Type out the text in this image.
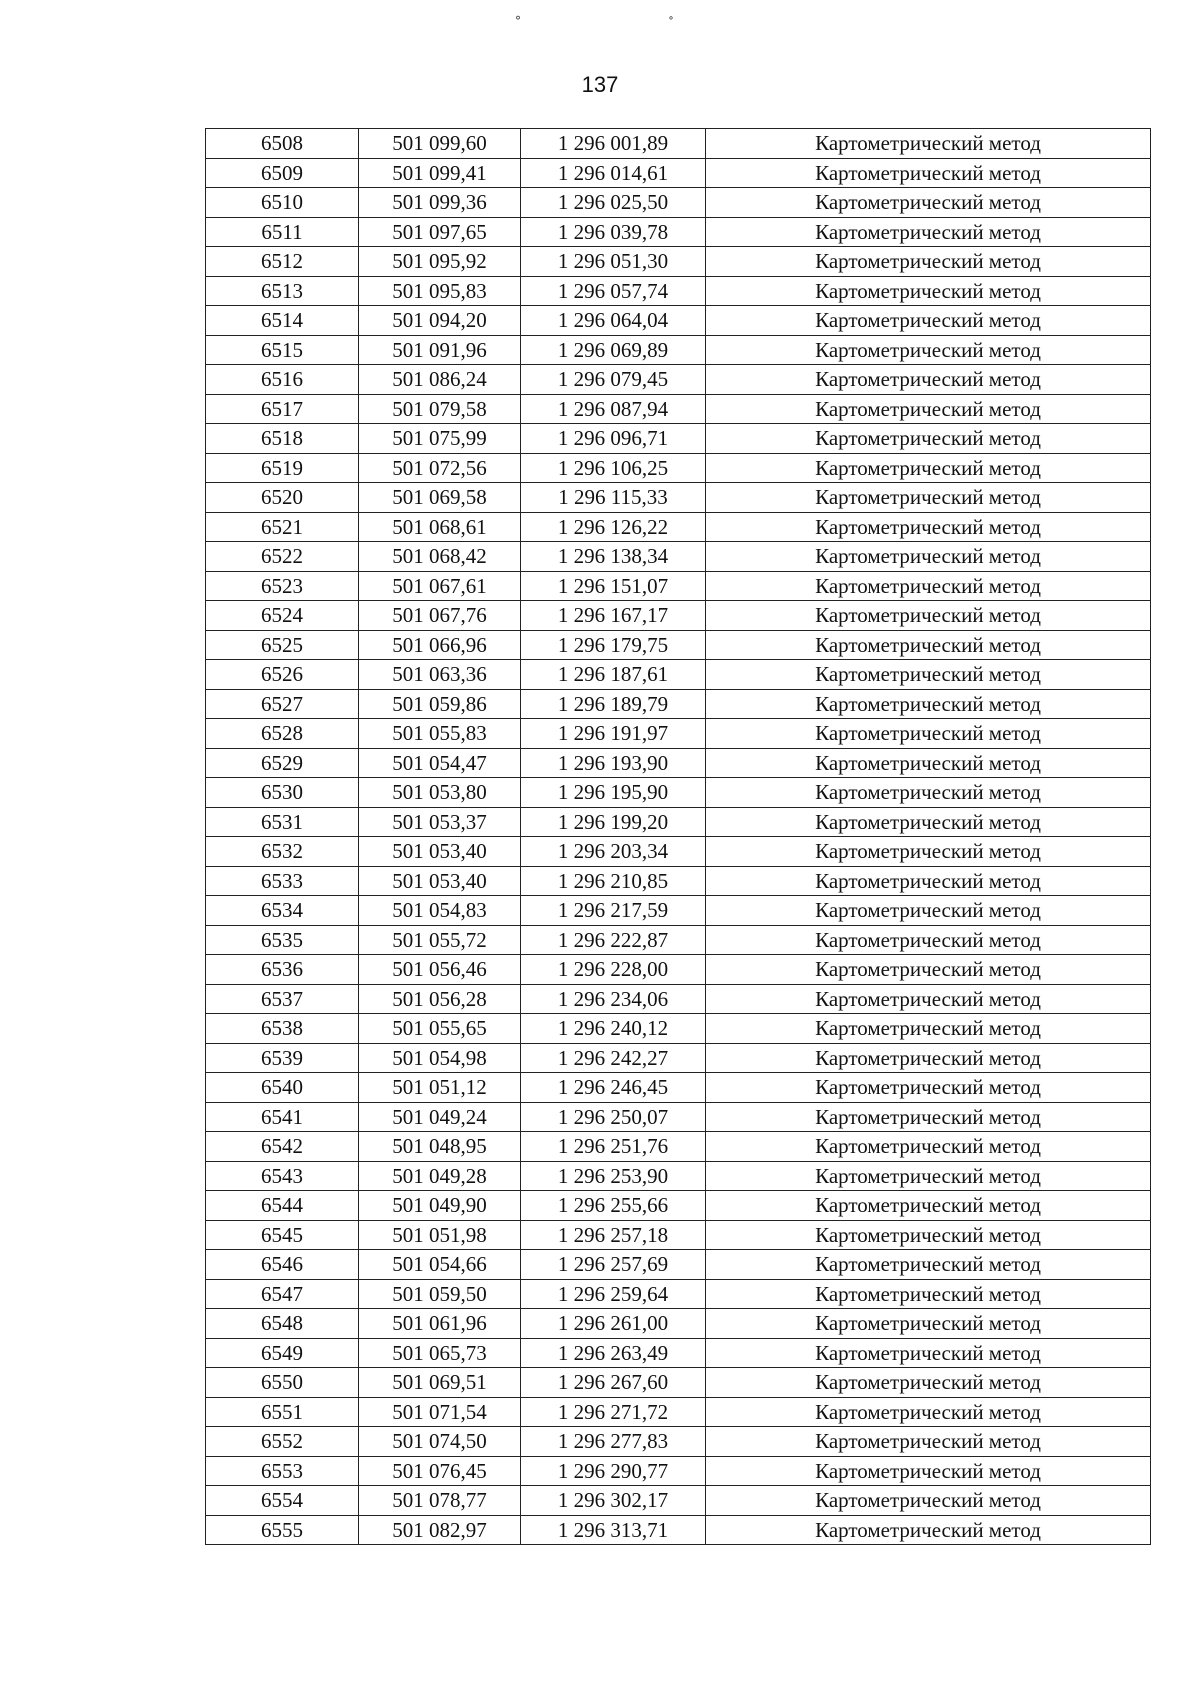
°	˚
137
6508	501 099,60	1 296 001,89	Картометрический метод
6509	501 099,41	1 296 014,61	Картометрический метод
6510	501 099,36	1 296 025,50	Картометрический метод
6511	501 097,65	1 296 039,78	Картометрический метод
6512	501 095,92	1 296 051,30	Картометрический метод
6513	501 095,83	1 296 057,74	Картометрический метод
6514	501 094,20	1 296 064,04	Картометрический метод
6515	501 091,96	1 296 069,89	Картометрический метод
6516	501 086,24	1 296 079,45	Картометрический метод
6517	501 079,58	1 296 087,94	Картометрический метод
6518	501 075,99	1 296 096,71	Картометрический метод
6519	501 072,56	1 296 106,25	Картометрический метод
6520	501 069,58	1 296 115,33	Картометрический метод
6521	501 068,61	1 296 126,22	Картометрический метод
6522	501 068,42	1 296 138,34	Картометрический метод
6523	501 067,61	1 296 151,07	Картометрический метод
6524	501 067,76	1 296 167,17	Картометрический метод
6525	501 066,96	1 296 179,75	Картометрический метод
6526	501 063,36	1 296 187,61	Картометрический метод
6527	501 059,86	1 296 189,79	Картометрический метод
6528	501 055,83	1 296 191,97	Картометрический метод
6529	501 054,47	1 296 193,90	Картометрический метод
6530	501 053,80	1 296 195,90	Картометрический метод
6531	501 053,37	1 296 199,20	Картометрический метод
6532	501 053,40	1 296 203,34	Картометрический метод
6533	501 053,40	1 296 210,85	Картометрический метод
6534	501 054,83	1 296 217,59	Картометрический метод
6535	501 055,72	1 296 222,87	Картометрический метод
6536	501 056,46	1 296 228,00	Картометрический метод
6537	501 056,28	1 296 234,06	Картометрический метод
6538	501 055,65	1 296 240,12	Картометрический метод
6539	501 054,98	1 296 242,27	Картометрический метод
6540	501 051,12	1 296 246,45	Картометрический метод
6541	501 049,24	1 296 250,07	Картометрический метод
6542	501 048,95	1 296 251,76	Картометрический метод
6543	501 049,28	1 296 253,90	Картометрический метод
6544	501 049,90	1 296 255,66	Картометрический метод
6545	501 051,98	1 296 257,18	Картометрический метод
6546	501 054,66	1 296 257,69	Картометрический метод
6547	501 059,50	1 296 259,64	Картометрический метод
6548	501 061,96	1 296 261,00	Картометрический метод
6549	501 065,73	1 296 263,49	Картометрический метод
6550	501 069,51	1 296 267,60	Картометрический метод
6551	501 071,54	1 296 271,72	Картометрический метод
6552	501 074,50	1 296 277,83	Картометрический метод
6553	501 076,45	1 296 290,77	Картометрический метод
6554	501 078,77	1 296 302,17	Картометрический метод
6555	501 082,97	1 296 313,71	Картометрический метод
